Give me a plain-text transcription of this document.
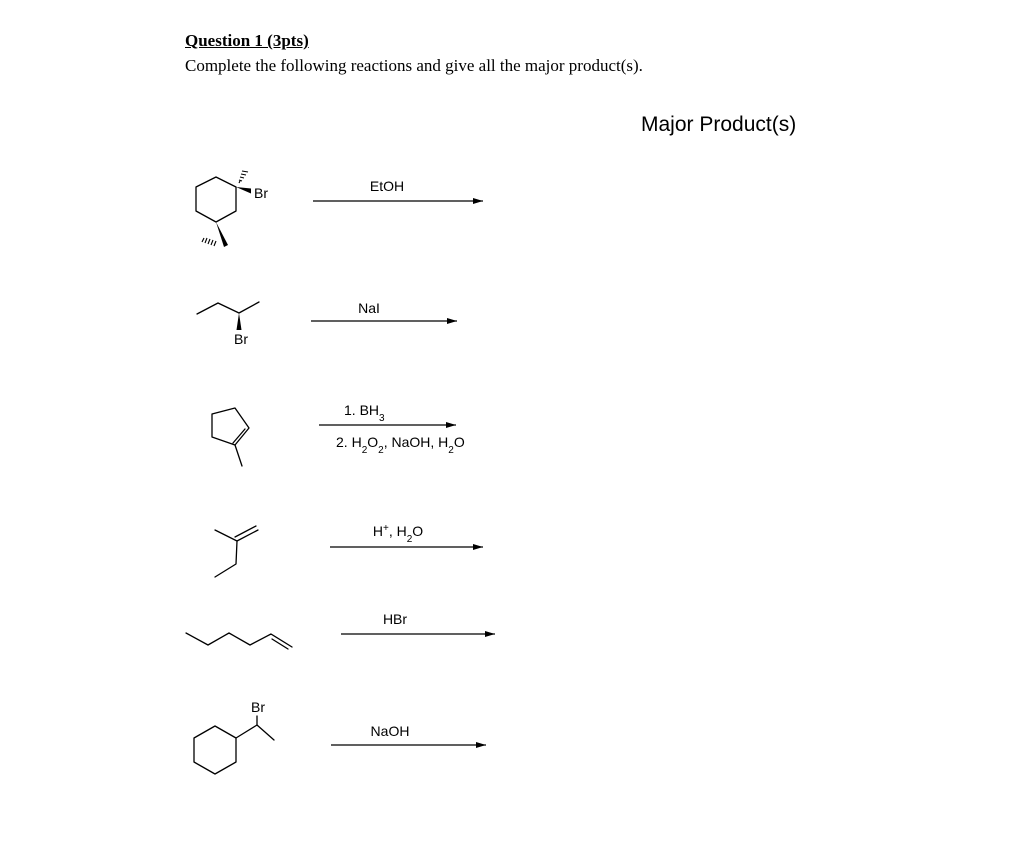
Question 1 (3pts)
Complete the following reactions and give all the major product(s).
Major Product(s)
Br	EtOH
Br
NaI
1. $BH_3$
2. $H_2O_2$, NaOH, $H_2O$
H+, $H_2O$
HBr
Br
NaOH
